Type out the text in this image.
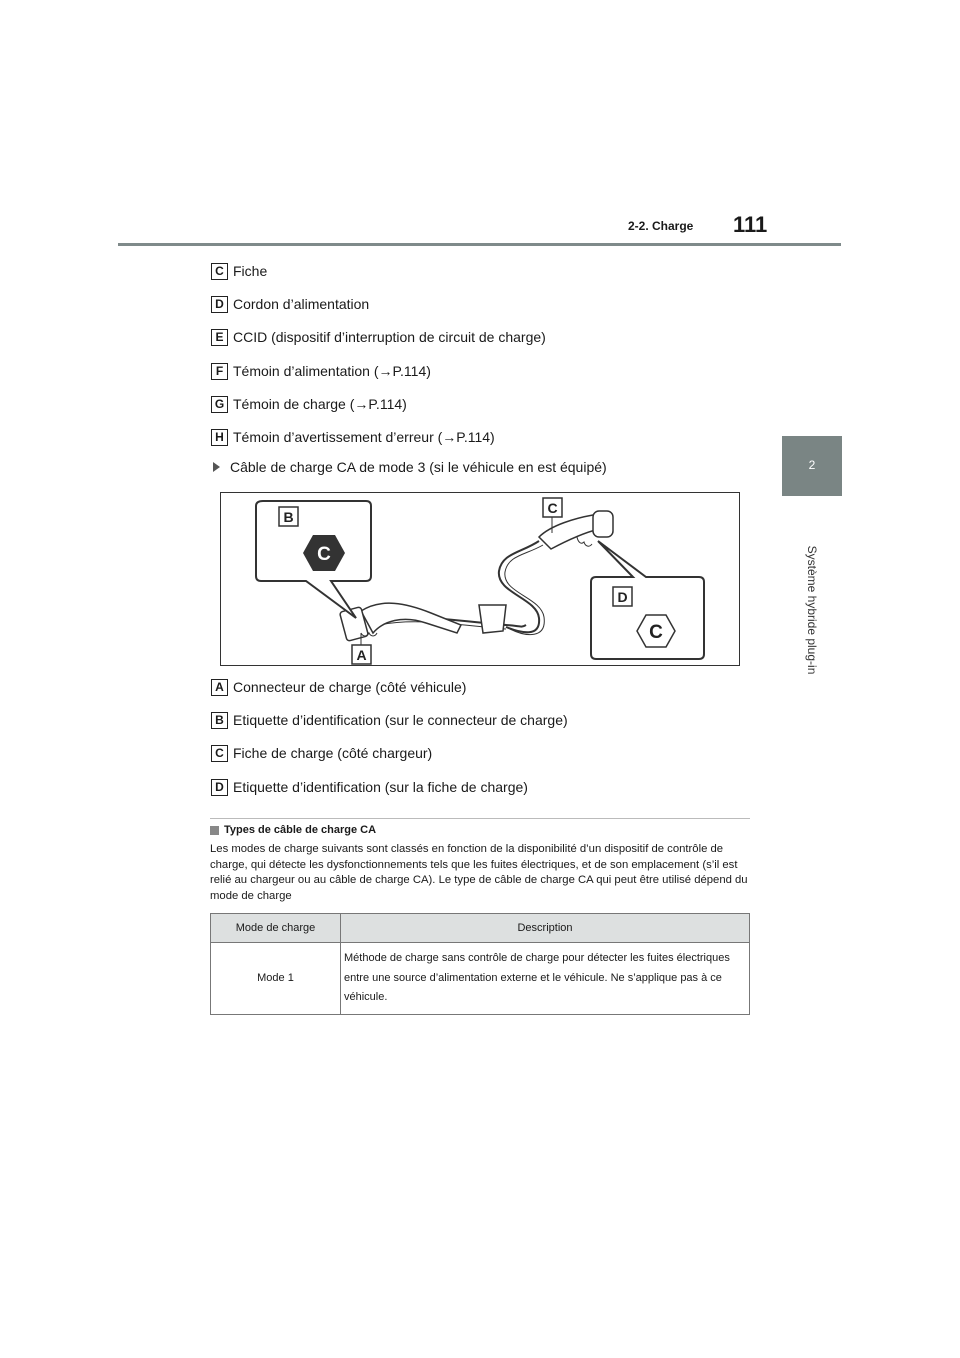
2-2. Charge 111
2
Système hybride plug-in
C Fiche
D Cordon d’alimentation
E CCID (dispositif d’interruption de circuit de charge)
F Témoin d’alimentation (→P.114)
G Témoin de charge (→P.114)
H Témoin d’avertissement d’erreur (→P.114)
Câble de charge CA de mode 3 (si le véhicule en est équipé)
B
C
D
C
A
C
A Connecteur de charge (côté véhicule)
B Etiquette d’identification (sur le connecteur de charge)
C Fiche de charge (côté chargeur)
D Etiquette d’identification (sur la fiche de charge)
Types de câble de charge CA
Les modes de charge suivants sont classés en fonction de la disponibilité d’un dispositif de contrôle de charge, qui détecte les dysfonctionnements tels que les fuites électriques, et de son emplacement (s’il est relié au chargeur ou au câble de charge CA). Le type de câble de charge CA qui peut être utilisé dépend du mode de charge
Mode de charge	Description
Mode 1	Méthode de charge sans contrôle de charge pour détecter les fuites électriques entre une source d’alimentation externe et le véhicule. Ne s’applique pas à ce véhicule.
